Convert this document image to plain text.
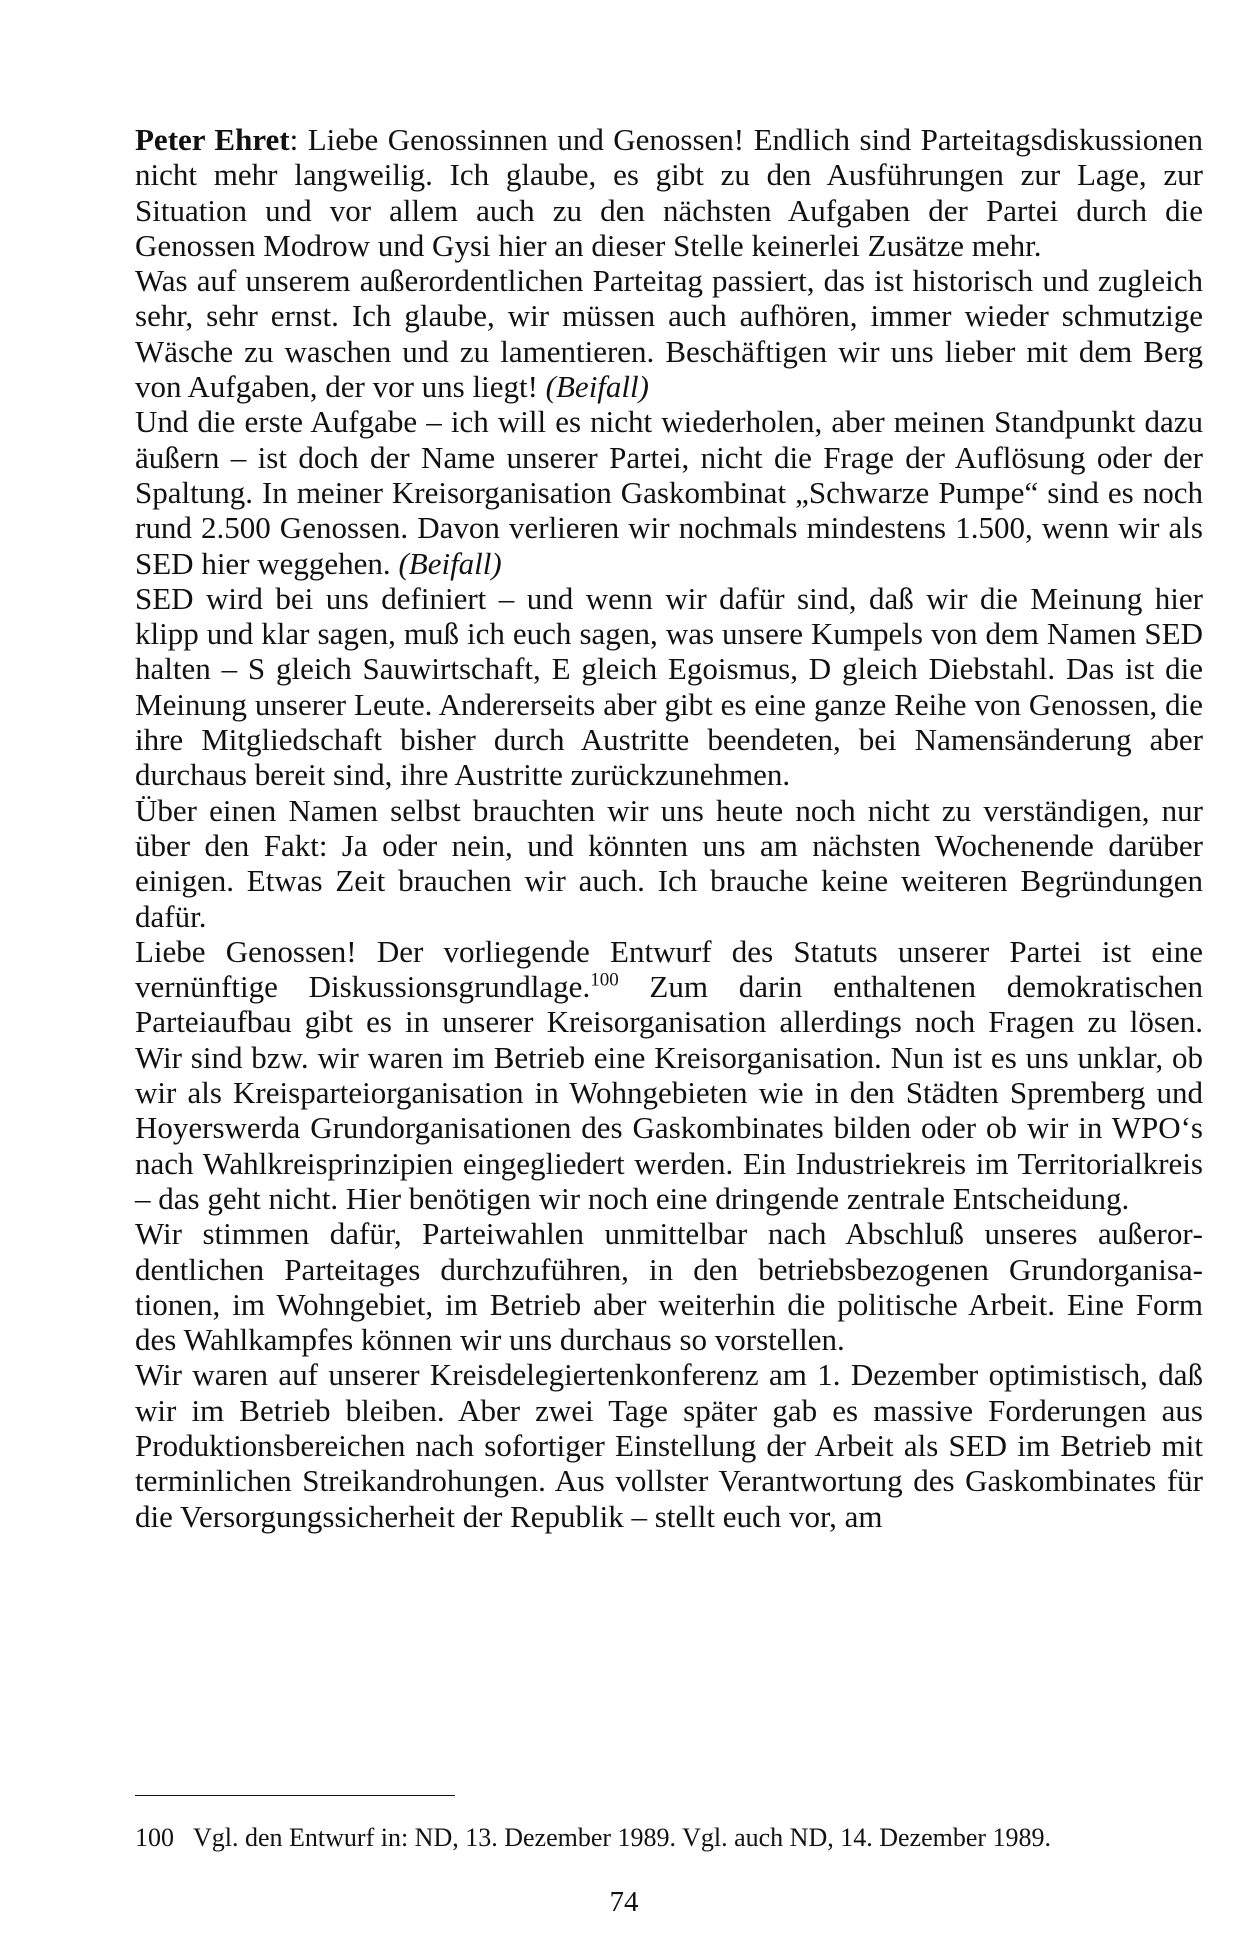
Peter Ehret: Liebe Genossinnen und Genossen! Endlich sind Parteitagsdiskussionen nicht mehr langweilig. Ich glaube, es gibt zu den Ausführungen zur Lage, zur Situation und vor allem auch zu den nächsten Aufgaben der Partei durch die Genossen Modrow und Gysi hier an dieser Stelle keinerlei Zusätze mehr.

Was auf unserem außerordentlichen Parteitag passiert, das ist historisch und zugleich sehr, sehr ernst. Ich glaube, wir müssen auch aufhören, immer wieder schmutzige Wäsche zu waschen und zu lamentieren. Beschäftigen wir uns lieber mit dem Berg von Aufgaben, der vor uns liegt! (Beifall)

Und die erste Aufgabe – ich will es nicht wiederholen, aber meinen Standpunkt dazu äußern – ist doch der Name unserer Partei, nicht die Frage der Auflösung oder der Spaltung. In meiner Kreisorganisation Gaskombinat „Schwarze Pumpe“ sind es noch rund 2.500 Genossen. Davon verlieren wir nochmals mindestens 1.500, wenn wir als SED hier weggehen. (Beifall)

SED wird bei uns definiert – und wenn wir dafür sind, daß wir die Meinung hier klipp und klar sagen, muß ich euch sagen, was unsere Kumpels von dem Namen SED halten – S gleich Sauwirtschaft, E gleich Egoismus, D gleich Diebstahl. Das ist die Meinung unserer Leute. Andererseits aber gibt es eine ganze Reihe von Genossen, die ihre Mitgliedschaft bisher durch Austritte beendeten, bei Namensänderung aber durchaus bereit sind, ihre Austritte zurückzunehmen.

Über einen Namen selbst brauchten wir uns heute noch nicht zu verständigen, nur über den Fakt: Ja oder nein, und könnten uns am nächsten Wochenende darüber einigen. Etwas Zeit brauchen wir auch. Ich brauche keine weiteren Begründungen dafür.

Liebe Genossen! Der vorliegende Entwurf des Statuts unserer Partei ist eine vernünftige Diskussionsgrundlage.$^{100}$ Zum darin enthaltenen demokratischen Parteiaufbau gibt es in unserer Kreisorganisation allerdings noch Fragen zu lösen. Wir sind bzw. wir waren im Betrieb eine Kreisorganisation. Nun ist es uns unklar, ob wir als Kreisparteiorganisation in Wohngebieten wie in den Städten Spremberg und Hoyerswerda Grundorganisationen des Gaskombinates bilden oder ob wir in WPO‘s nach Wahlkreisprinzipien eingegliedert werden. Ein Industriekreis im Territorialkreis – das geht nicht. Hier benötigen wir noch eine dringende zentrale Entscheidung.

Wir stimmen dafür, Parteiwahlen unmittelbar nach Abschluß unseres außerordentlichen Parteitages durchzuführen, in den betriebsbezogenen Grundorganisationen, im Wohngebiet, im Betrieb aber weiterhin die politische Arbeit. Eine Form des Wahlkampfes können wir uns durchaus so vorstellen.

Wir waren auf unserer Kreisdelegiertenkonferenz am 1. Dezember optimistisch, daß wir im Betrieb bleiben. Aber zwei Tage später gab es massive Forderungen aus Produktionsbereichen nach sofortiger Einstellung der Arbeit als SED im Betrieb mit terminlichen Streikandrohungen. Aus vollster Verantwortung des Gaskombinates für die Versorgungssicherheit der Republik – stellt euch vor, am

100 Vgl. den Entwurf in: ND, 13. Dezember 1989. Vgl. auch ND, 14. Dezember 1989.
74
